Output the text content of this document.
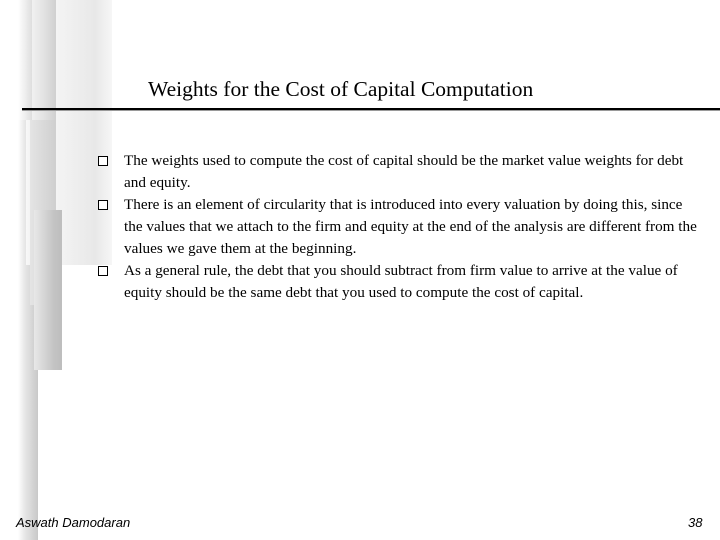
Weights for the Cost of Capital Computation
The weights used to compute the cost of capital should be the market value weights for debt and equity.
There is an element of circularity that is introduced into every valuation by doing this, since the values that we attach to the firm and equity at the end of the analysis are different from the values we gave them at the beginning.
As a general rule, the debt that you should subtract from firm value to arrive at the value of equity should be the same debt that you used to compute the cost of capital.
Aswath Damodaran	38
